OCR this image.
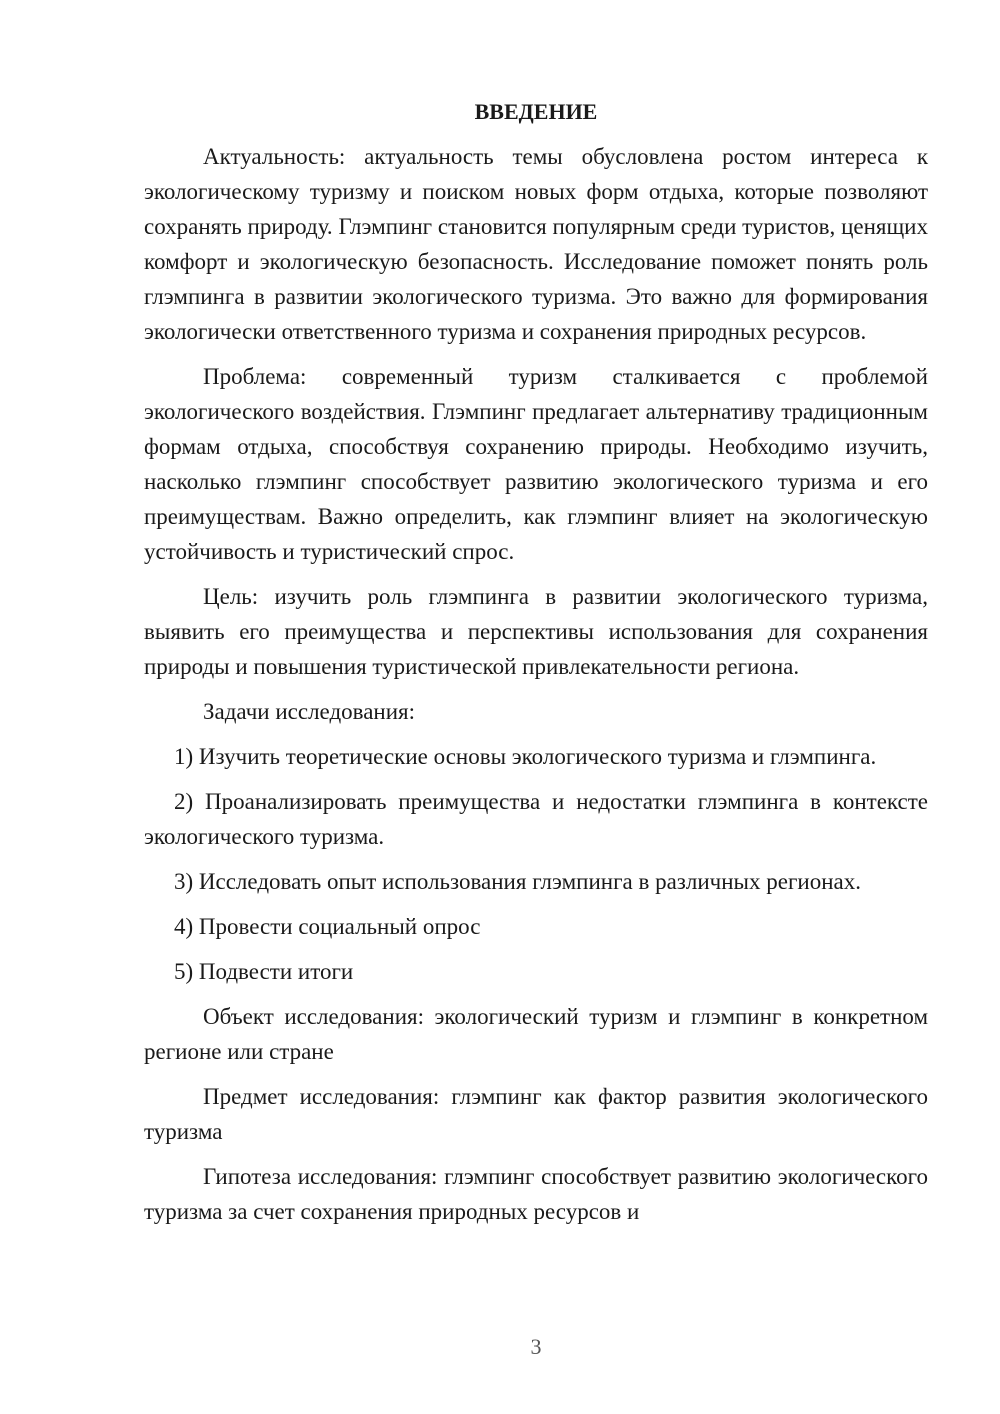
ВВЕДЕНИЕ

Актуальность: актуальность темы обусловлена ростом интереса к экологическому туризму и поиском новых форм отдыха, которые позволяют сохранять природу. Глэмпинг становится популярным среди туристов, ценящих комфорт и экологическую безопасность. Исследование поможет понять роль глэмпинга в развитии экологического туризма. Это важно для формирования экологически ответственного туризма и сохранения природных ресурсов.

Проблема: современный туризм сталкивается с проблемой экологического воздействия. Глэмпинг предлагает альтернативу традиционным формам отдыха, способствуя сохранению природы. Необходимо изучить, насколько глэмпинг способствует развитию экологического туризма и его преимуществам. Важно определить, как глэмпинг влияет на экологическую устойчивость и туристический спрос.

Цель: изучить роль глэмпинга в развитии экологического туризма, выявить его преимущества и перспективы использования для сохранения природы и повышения туристической привлекательности региона.

Задачи исследования:

1) Изучить теоретические основы экологического туризма и глэмпинга.

2) Проанализировать преимущества и недостатки глэмпинга в контексте экологического туризма.

3) Исследовать опыт использования глэмпинга в различных регионах.

4) Провести социальный опрос

5) Подвести итоги

Объект исследования: экологический туризм и глэмпинг в конкретном регионе или стране

Предмет исследования: глэмпинг как фактор развития экологического туризма

Гипотеза исследования: глэмпинг способствует развитию экологического туризма за счет сохранения природных ресурсов и

3
